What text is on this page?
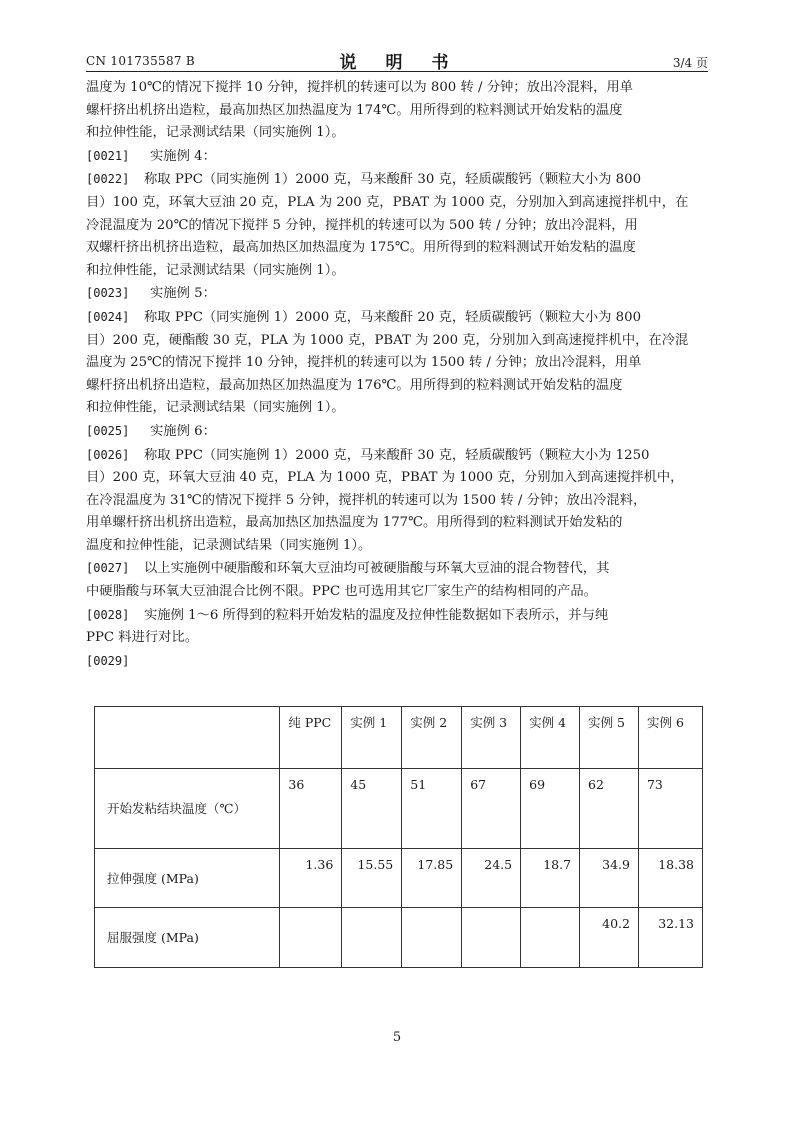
CN 101735587 B	说　明　书	3/4 页

温度为 10℃的情况下搅拌 10 分钟，搅拌机的转速可以为 800 转 / 分钟；放出冷混料，用单
螺杆挤出机挤出造粒，最高加热区加热温度为 174℃。用所得到的粒料测试开始发粘的温度
和拉伸性能，记录测试结果（同实施例 1）。

[0021] 实施例 4：

[0022] 称取 PPC（同实施例 1）2000 克，马来酸酐 30 克，轻质碳酸钙（颗粒大小为 800
目）100 克，环氧大豆油 20 克，PLA 为 200 克，PBAT 为 1000 克，分别加入到高速搅拌机中，在
冷混温度为 20℃的情况下搅拌 5 分钟，搅拌机的转速可以为 500 转 / 分钟；放出冷混料，用
双螺杆挤出机挤出造粒，最高加热区加热温度为 175℃。用所得到的粒料测试开始发粘的温度
和拉伸性能，记录测试结果（同实施例 1）。

[0023] 实施例 5：

[0024] 称取 PPC（同实施例 1）2000 克，马来酸酐 20 克，轻质碳酸钙（颗粒大小为 800
目）200 克，硬酯酸 30 克，PLA 为 1000 克，PBAT 为 200 克，分别加入到高速搅拌机中，在冷混
温度为 25℃的情况下搅拌 10 分钟，搅拌机的转速可以为 1500 转 / 分钟；放出冷混料，用单
螺杆挤出机挤出造粒，最高加热区加热温度为 176℃。用所得到的粒料测试开始发粘的温度
和拉伸性能，记录测试结果（同实施例 1）。

[0025] 实施例 6：

[0026] 称取 PPC（同实施例 1）2000 克，马来酸酐 30 克，轻质碳酸钙（颗粒大小为 1250
目）200 克，环氧大豆油 40 克，PLA 为 1000 克，PBAT 为 1000 克，分别加入到高速搅拌机中，
在冷混温度为 31℃的情况下搅拌 5 分钟，搅拌机的转速可以为 1500 转 / 分钟；放出冷混料，
用单螺杆挤出机挤出造粒，最高加热区加热温度为 177℃。用所得到的粒料测试开始发粘的
温度和拉伸性能，记录测试结果（同实施例 1）。

[0027] 以上实施例中硬脂酸和环氧大豆油均可被硬脂酸与环氧大豆油的混合物替代，其
中硬脂酸与环氧大豆油混合比例不限。PPC 也可选用其它厂家生产的结构相同的产品。

[0028] 实施例 1～6 所得到的粒料开始发粘的温度及拉伸性能数据如下表所示，并与纯
PPC 料进行对比。

[0029]

	纯 PPC	实例 1	实例 2	实例 3	实例 4	实例 5	实例 6
开始发粘结块温度（℃）	36	45	51	67	69	62	73
拉伸强度 (MPa)	1.36	15.55	17.85	24.5	18.7	34.9	18.38
屈服强度 (MPa)						40.2	32.13
5
